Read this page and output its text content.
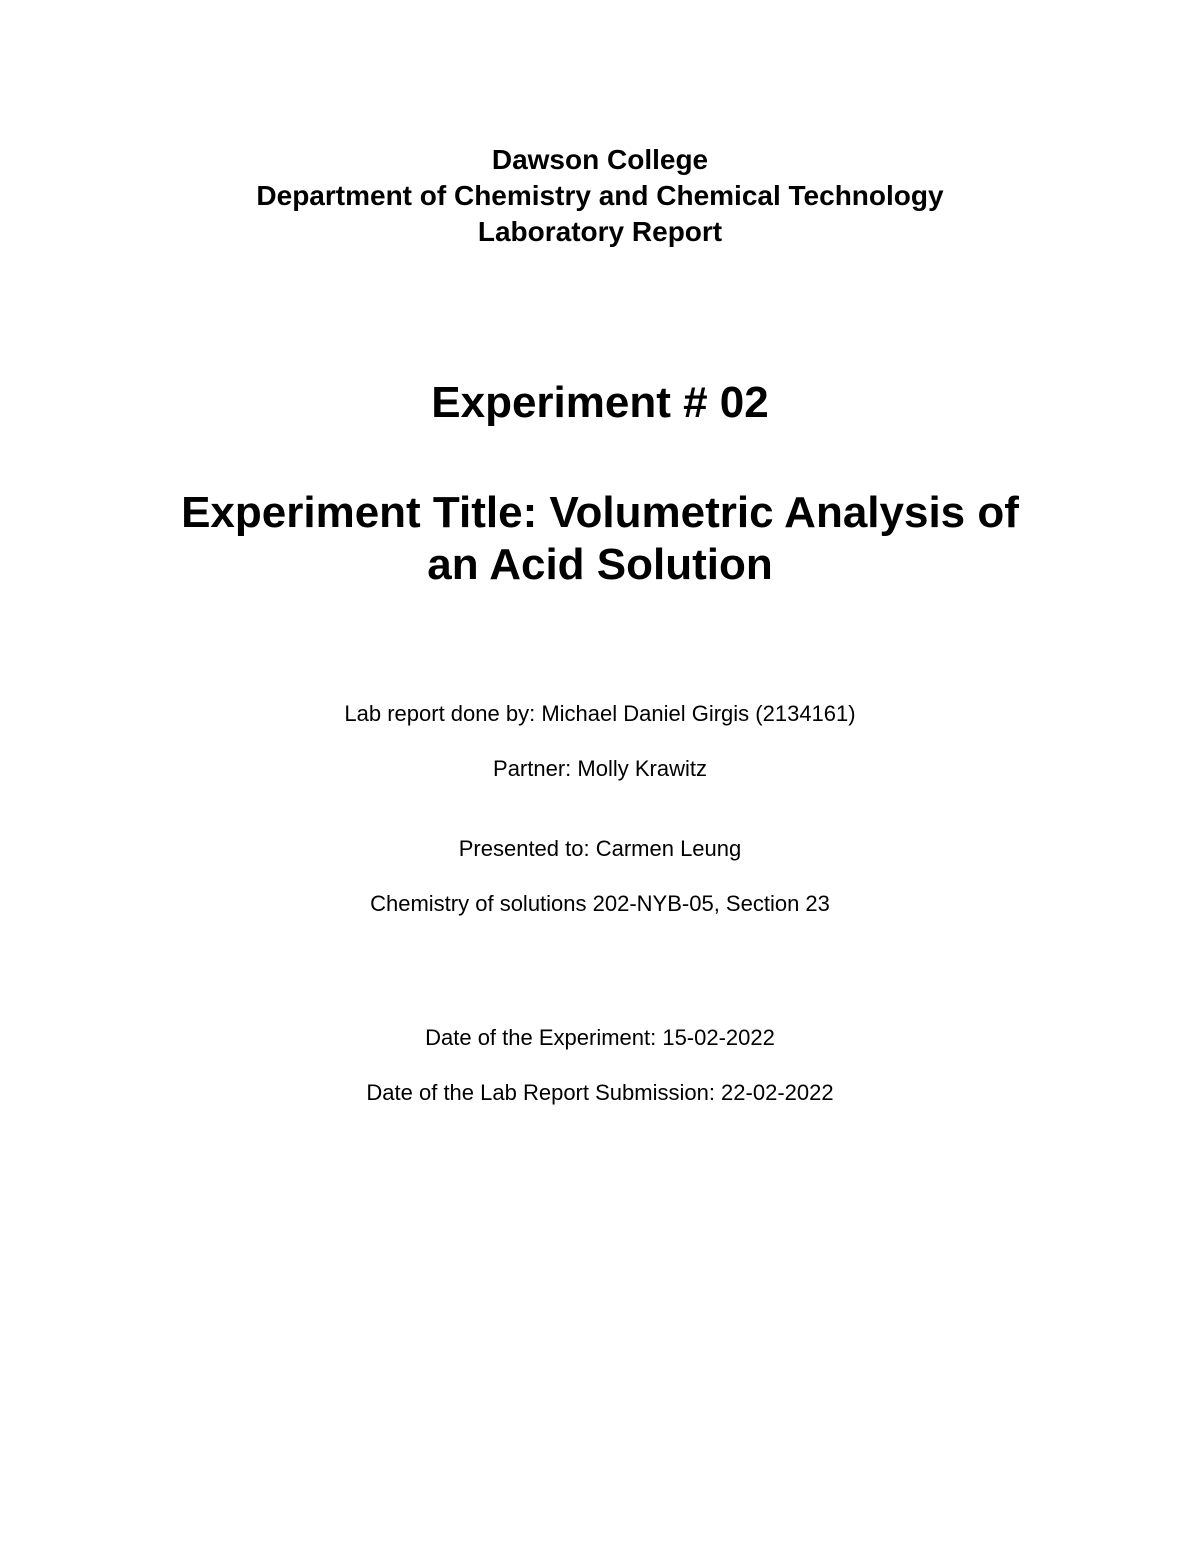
Dawson College

Department of Chemistry and Chemical Technology

Laboratory Report

Experiment # 02

Experiment Title: Volumetric Analysis of

an Acid Solution

Lab report done by: Michael Daniel Girgis (2134161)

Partner: Molly Krawitz

Presented to: Carmen Leung

Chemistry of solutions 202-NYB-05, Section 23

Date of the Experiment: 15-02-2022

Date of the Lab Report Submission: 22-02-2022
